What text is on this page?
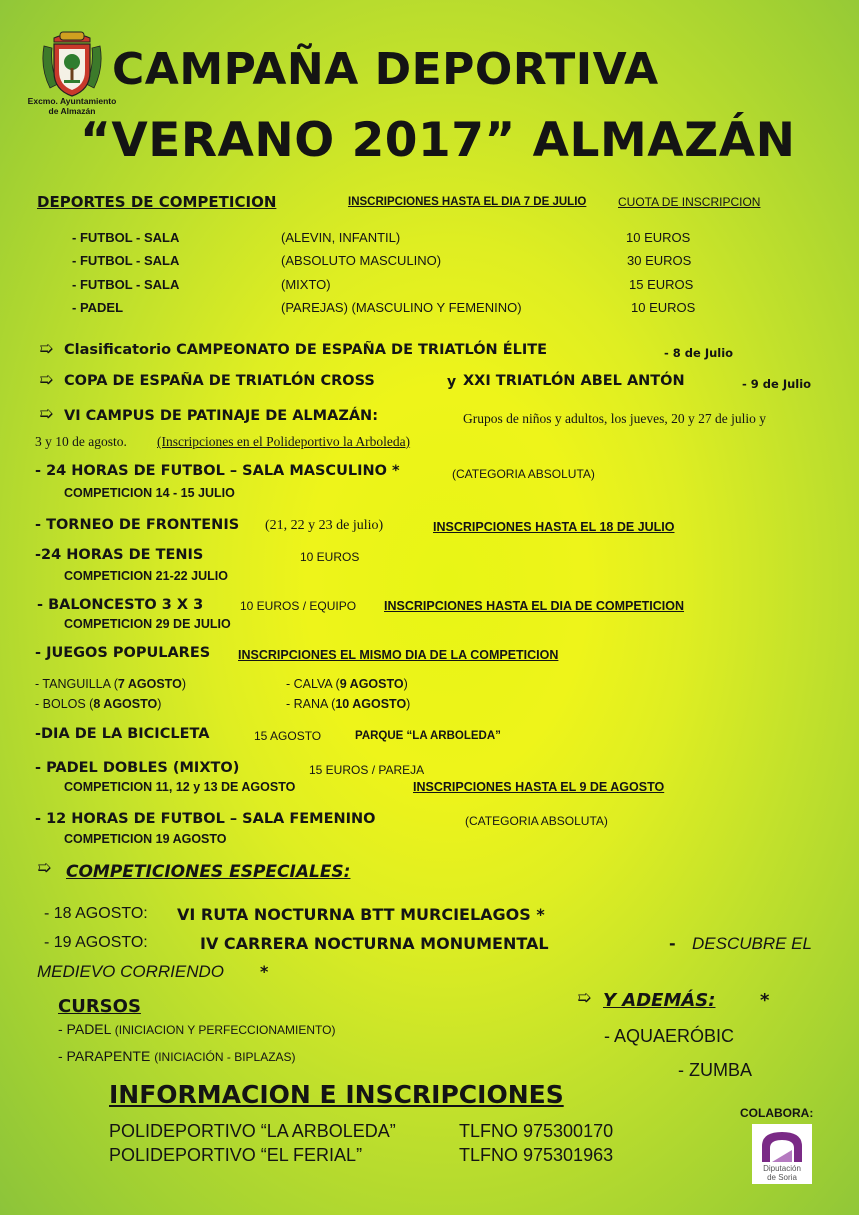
Excmo. Ayuntamiento de Almazán
CAMPAÑA DEPORTIVA
“VERANO 2017” ALMAZÁN
DEPORTES DE COMPETICION	INSCRIPCIONES HASTA EL DIA 7 DE JULIO	CUOTA DE INSCRIPCION
- FUTBOL - SALA	(ALEVIN, INFANTIL)	10 EUROS
- FUTBOL - SALA	(ABSOLUTO MASCULINO)	30 EUROS
- FUTBOL - SALA	(MIXTO)	15 EUROS
- PADEL	(PAREJAS) (MASCULINO Y FEMENINO)	10 EUROS
➯ Clasificatorio CAMPEONATO DE ESPAÑA DE TRIATLÓN ÉLITE	- 8 de Julio
➯ COPA DE ESPAÑA DE TRIATLÓN CROSS	y XXI TRIATLÓN ABEL ANTÓN	- 9 de Julio
➯ VI CAMPUS DE PATINAJE DE ALMAZÁN:	Grupos de niños y adultos, los jueves, 20 y 27 de julio y
3 y 10 de agosto. (Inscripciones en el Polideportivo la Arboleda)
- 24 HORAS DE FUTBOL – SALA MASCULINO *	(CATEGORIA ABSOLUTA)
COMPETICION 14 - 15 JULIO
- TORNEO DE FRONTENIS (21, 22 y 23 de julio)	INSCRIPCIONES HASTA EL 18 DE JULIO
-24 HORAS DE TENIS	10 EUROS
COMPETICION 21-22 JULIO
- BALONCESTO 3 X 3	10 EUROS / EQUIPO INSCRIPCIONES HASTA EL DIA DE COMPETICION
COMPETICION 29 DE JULIO
- JUEGOS POPULARES INSCRIPCIONES EL MISMO DIA DE LA COMPETICION
- TANGUILLA (7 AGOSTO)	- CALVA (9 AGOSTO)
- BOLOS (8 AGOSTO)	- RANA (10 AGOSTO)
-DIA DE LA BICICLETA	15 AGOSTO	PARQUE “LA ARBOLEDA”
- PADEL DOBLES (MIXTO)	15 EUROS / PAREJA
COMPETICION 11, 12 y 13 DE AGOSTO	INSCRIPCIONES HASTA EL 9 DE AGOSTO
- 12 HORAS DE FUTBOL – SALA FEMENINO	(CATEGORIA ABSOLUTA)
COMPETICION 19 AGOSTO
➯ COMPETICIONES ESPECIALES:
- 18 AGOSTO: VI RUTA NOCTURNA BTT MURCIELAGOS *
- 19 AGOSTO:	IV CARRERA NOCTURNA MONUMENTAL	- DESCUBRE EL
MEDIEVO CORRIENDO *
CURSOS
- PADEL (INICIACION Y PERFECCIONAMIENTO)
- PARAPENTE (INICIACIÓN - BIPLAZAS)
➯ Y ADEMÁS: *
- AQUAERÓBIC
- ZUMBA
INFORMACION E INSCRIPCIONES
POLIDEPORTIVO “LA ARBOLEDA”	TLFNO 975300170
POLIDEPORTIVO “EL FERIAL”	TLFNO 975301963
COLABORA:
Diputación
de Soria
